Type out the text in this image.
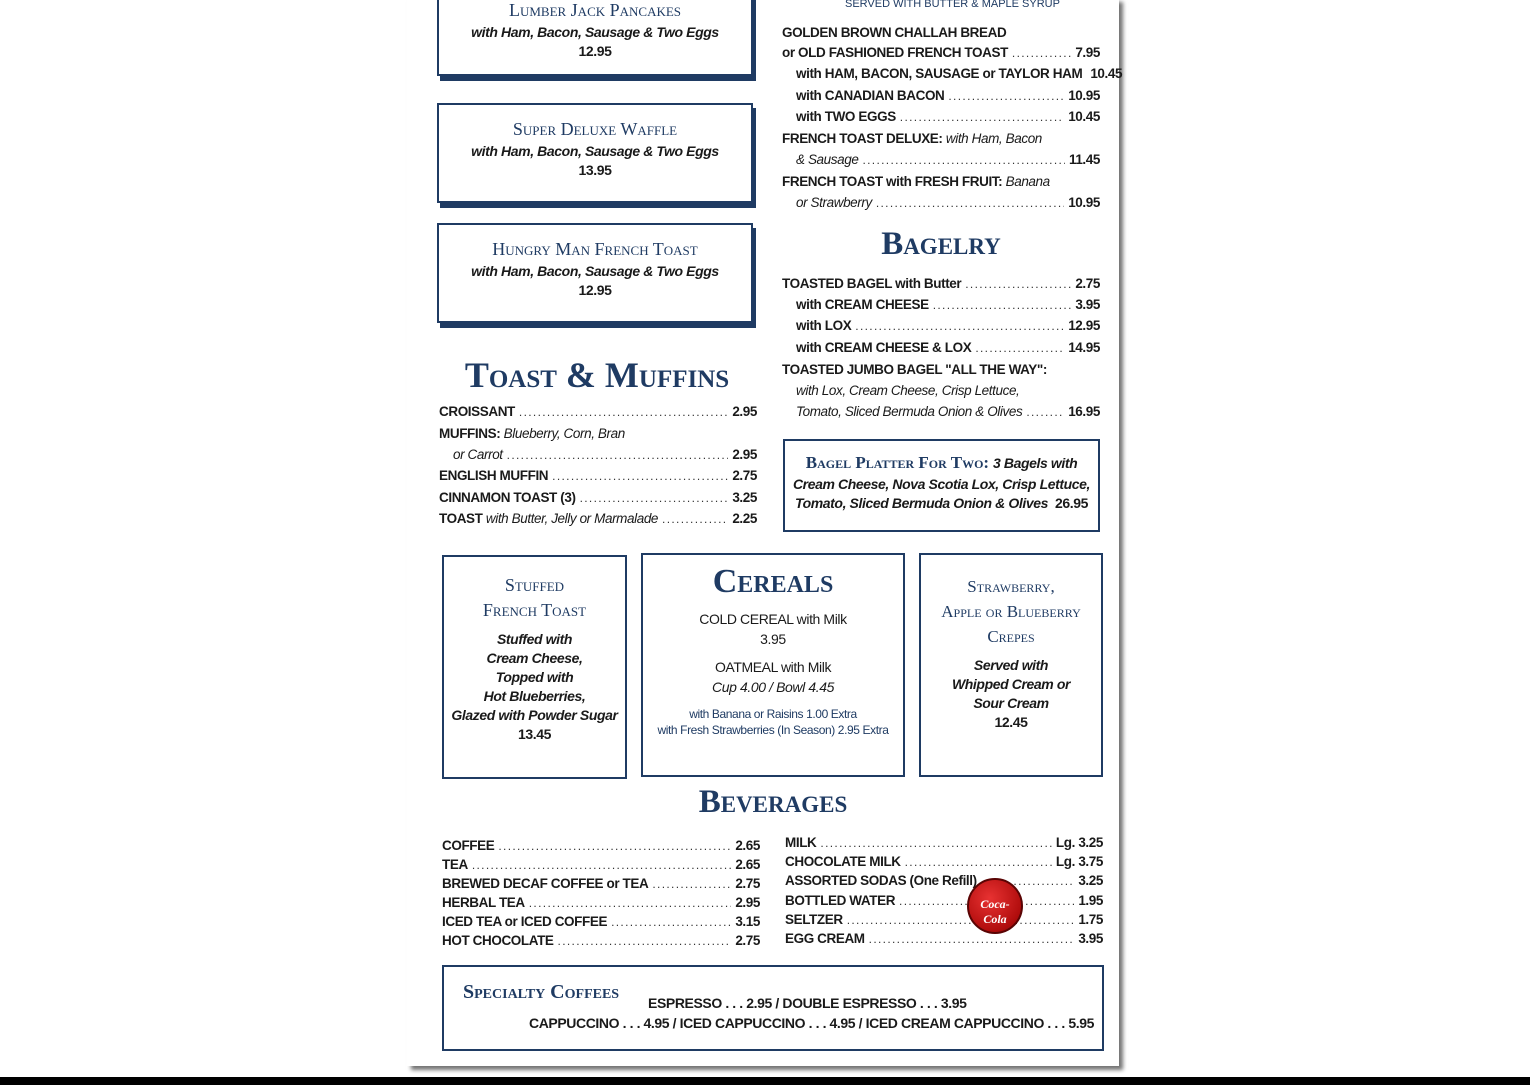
Lumber Jack Pancakes
with Ham, Bacon, Sausage & Two Eggs
12.95
Super Deluxe Waffle
with Ham, Bacon, Sausage & Two Eggs
13.95
Hungry Man French Toast
with Ham, Bacon, Sausage & Two Eggs
12.95
SERVED WITH BUTTER & MAPLE SYRUP
GOLDEN BROWN CHALLAH BREAD
or OLD FASHIONED FRENCH TOAST . . .	7.95
with HAM, BACON, SAUSAGE or TAYLOR HAM 10.45
with CANADIAN BACON . . .	10.95
with TWO EGGS . . .	10.45
FRENCH TOAST DELUXE: with Ham, Bacon
& Sausage . . .	11.45
FRENCH TOAST with FRESH FRUIT: Banana
or Strawberry . . .	10.95
Bagelry
TOASTED BAGEL with Butter . . .	2.75
with CREAM CHEESE . . .	3.95
with LOX . . .	12.95
with CREAM CHEESE & LOX . . .	14.95
TOASTED JUMBO BAGEL "ALL THE WAY":
with Lox, Cream Cheese, Crisp Lettuce,
Tomato, Sliced Bermuda Onion & Olives . . .	16.95
Bagel Platter For Two: 3 Bagels with
Cream Cheese, Nova Scotia Lox, Crisp Lettuce,
Tomato, Sliced Bermuda Onion & Olives 26.95
Toast & Muffins
CROISSANT . . .	2.95
MUFFINS: Blueberry, Corn, Bran
or Carrot . . .	2.95
ENGLISH MUFFIN . . .	2.75
CINNAMON TOAST (3) . . .	3.25
TOAST with Butter, Jelly or Marmalade . . .	2.25
Stuffed
French Toast
Stuffed with
Cream Cheese,
Topped with
Hot Blueberries,
Glazed with Powder Sugar
13.45
Cereals
COLD CEREAL with Milk
3.95
OATMEAL with Milk
Cup 4.00 / Bowl 4.45
with Banana or Raisins 1.00 Extra
with Fresh Strawberries (In Season) 2.95 Extra
Strawberry,
Apple or Blueberry
Crepes
Served with
Whipped Cream or
Sour Cream
12.45
Beverages
COFFEE . . .	2.65
TEA . . .	2.65
BREWED DECAF COFFEE or TEA . . .	2.75
HERBAL TEA . . .	2.95
ICED TEA or ICED COFFEE . . .	3.15
HOT CHOCOLATE . . .	2.75
MILK . . .	Lg. 3.25
CHOCOLATE MILK . . .	Lg. 3.75
ASSORTED SODAS (One Refill) . . .	3.25
BOTTLED WATER . . .	1.95
SELTZER . . .	1.75
EGG CREAM . . .	3.95
Coca-Cola
Specialty Coffees ESPRESSO . . . 2.95 / DOUBLE ESPRESSO . . . 3.95
CAPPUCCINO . . . 4.95 / ICED CAPPUCCINO . . . 4.95 / ICED CREAM CAPPUCCINO . . . 5.95
